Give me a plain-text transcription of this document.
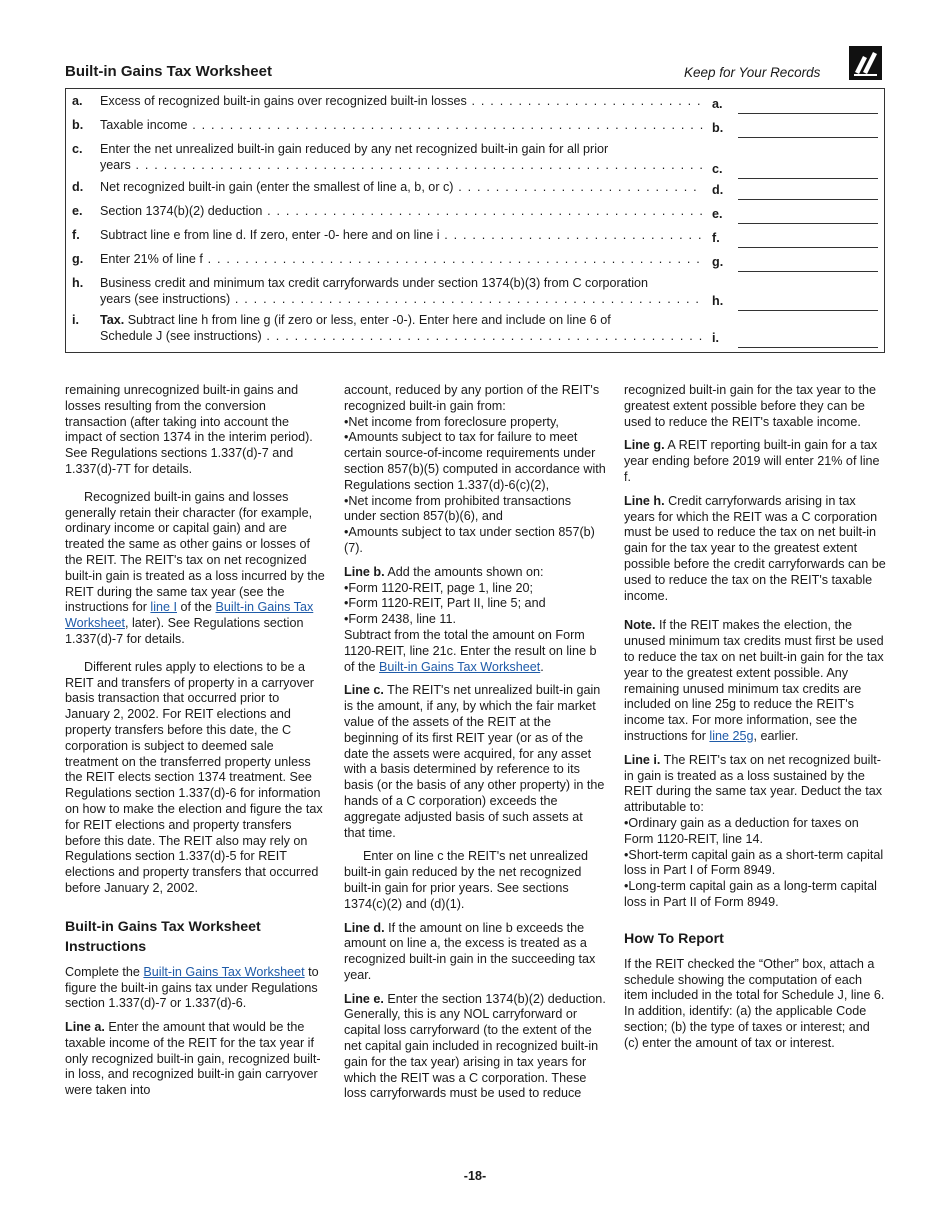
Built-in Gains Tax Worksheet	Keep for Your Records
a. Excess of recognized built-in gains over recognized built-in losses . . .	a.
b. Taxable income . . .	b.
c. Enter the net unrealized built-in gain reduced by any net recognized built-in gain for all prior
years . . .	c.
d. Net recognized built-in gain (enter the smallest of line a, b, or c) . . .	d.
e. Section 1374(b)(2) deduction . . .	e.
f. Subtract line e from line d. If zero, enter -0- here and on line i . . .	f.
g. Enter 21% of line f . . .	g.
h. Business credit and minimum tax credit carryforwards under section 1374(b)(3) from C corporation
years (see instructions) . . .	h.
i. Tax. Subtract line h from line g (if zero or less, enter -0-). Enter here and include on line 6 of
Schedule J (see instructions) . . .	i.

remaining unrecognized built-in gains and losses resulting from the conversion transaction (after taking into account the impact of section 1374 in the interim period). See Regulations sections 1.337(d)-7 and 1.337(d)-7T for details.

Recognized built-in gains and losses generally retain their character (for example, ordinary income or capital gain) and are treated the same as other gains or losses of the REIT. The REIT's tax on net recognized built-in gain is treated as a loss incurred by the REIT during the same tax year (see the instructions for line I of the Built-in Gains Tax Worksheet, later). See Regulations section 1.337(d)-7 for details.

Different rules apply to elections to be a REIT and transfers of property in a carryover basis transaction that occurred prior to January 2, 2002. For REIT elections and property transfers before this date, the C corporation is subject to deemed sale treatment on the transferred property unless the REIT elects section 1374 treatment. See Regulations section 1.337(d)-6 for information on how to make the election and figure the tax for REIT elections and property transfers before this date. The REIT also may rely on Regulations section 1.337(d)-5 for REIT elections and property transfers that occurred before January 2, 2002.

Built-in Gains Tax Worksheet Instructions

Complete the Built-in Gains Tax Worksheet to figure the built-in gains tax under Regulations section 1.337(d)-7 or 1.337(d)-6.

Line a. Enter the amount that would be the taxable income of the REIT for the tax year if only recognized built-in gain, recognized built-in loss, and recognized built-in gain carryover were taken into

account, reduced by any portion of the REIT's recognized built-in gain from:

•Net income from foreclosure property,

•Amounts subject to tax for failure to meet certain source-of-income requirements under section 857(b)(5) computed in accordance with Regulations section 1.337(d)-6(c)(2),

•Net income from prohibited transactions under section 857(b)(6), and

•Amounts subject to tax under section 857(b)(7).

Line b. Add the amounts shown on:

•Form 1120-REIT, page 1, line 20;

•Form 1120-REIT, Part II, line 5; and

•Form 2438, line 11.

Subtract from the total the amount on Form 1120-REIT, line 21c. Enter the result on line b of the Built-in Gains Tax Worksheet.

Line c. The REIT's net unrealized built-in gain is the amount, if any, by which the fair market value of the assets of the REIT at the beginning of its first REIT year (or as of the date the assets were acquired, for any asset with a basis determined by reference to its basis (or the basis of any other property) in the hands of a C corporation) exceeds the aggregate adjusted basis of such assets at that time.

Enter on line c the REIT's net unrealized built-in gain reduced by the net recognized built-in gain for prior years. See sections 1374(c)(2) and (d)(1).

Line d. If the amount on line b exceeds the amount on line a, the excess is treated as a recognized built-in gain in the succeeding tax year.

Line e. Enter the section 1374(b)(2) deduction. Generally, this is any NOL carryforward or capital loss carryforward (to the extent of the net capital gain included in recognized built-in gain for the tax year) arising in tax years for which the REIT was a C corporation. These loss carryforwards must be used to reduce

recognized built-in gain for the tax year to the greatest extent possible before they can be used to reduce the REIT's taxable income.

Line g. A REIT reporting built-in gain for a tax year ending before 2019 will enter 21% of line f.

Line h. Credit carryforwards arising in tax years for which the REIT was a C corporation must be used to reduce the tax on net built-in gain for the tax year to the greatest extent possible before the credit carryforwards can be used to reduce the tax on the REIT's taxable income.

Note. If the REIT makes the election, the unused minimum tax credits must first be used to reduce the tax on net built-in gain for the tax year to the greatest extent possible. Any remaining unused minimum tax credits are included on line 25g to reduce the REIT's income tax. For more information, see the instructions for line 25g, earlier.

Line i. The REIT's tax on net recognized built-in gain is treated as a loss sustained by the REIT during the same tax year. Deduct the tax attributable to:

•Ordinary gain as a deduction for taxes on Form 1120-REIT, line 14.

•Short-term capital gain as a short-term capital loss in Part I of Form 8949.

•Long-term capital gain as a long-term capital loss in Part II of Form 8949.

How To Report

If the REIT checked the “Other” box, attach a schedule showing the computation of each item included in the total for Schedule J, line 6. In addition, identify: (a) the applicable Code section; (b) the type of taxes or interest; and (c) enter the amount of tax or interest.

-18-
